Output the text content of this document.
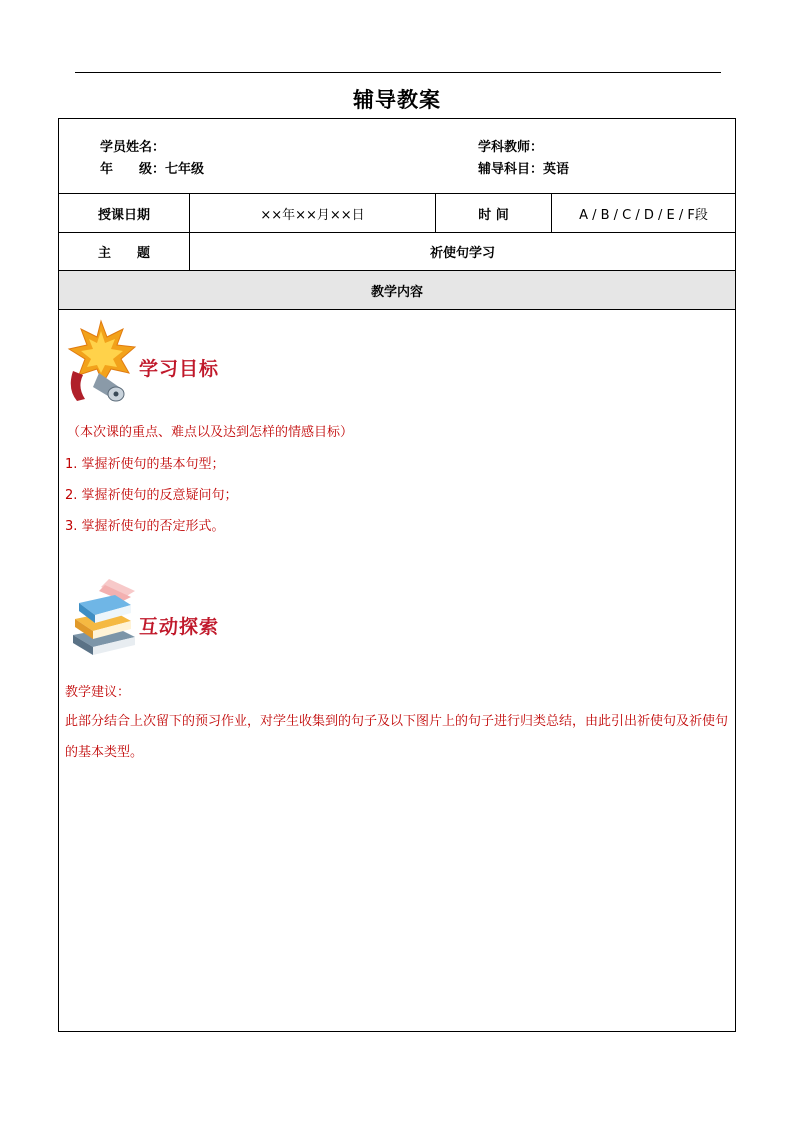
辅导教案
学员姓名：
年　　级：七年级
学科教师：
辅导科目：英语
授课日期	××年××月××日	时 间	A / B / C / D / E / F段
主　　题	祈使句学习
教学内容
学习目标
（本次课的重点、难点以及达到怎样的情感目标）
1. 掌握祈使句的基本句型；
2. 掌握祈使句的反意疑问句；
3. 掌握祈使句的否定形式。
互动探索
教学建议：
此部分结合上次留下的预习作业，对学生收集到的句子及以下图片上的句子进行归类总结，由此引出祈使句及祈使句的基本类型。
